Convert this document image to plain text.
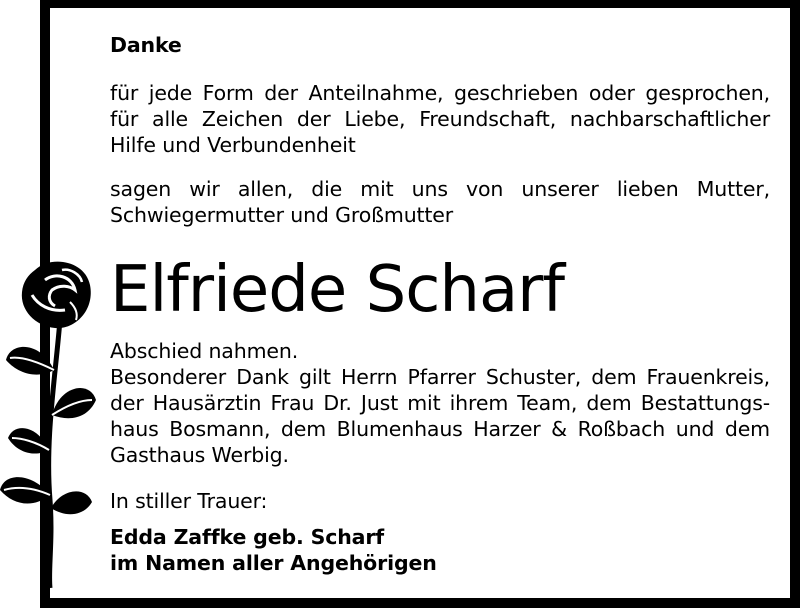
Danke
für jede Form der Anteilnahme, geschrieben oder gesprochen,
für alle Zeichen der Liebe, Freundschaft, nachbarschaftlicher
Hilfe und Verbundenheit
sagen wir allen, die mit uns von unserer lieben Mutter,
Schwiegermutter und Großmutter
Elfriede Scharf
Abschied nahmen.
Besonderer Dank gilt Herrn Pfarrer Schuster, dem Frauenkreis,
der Hausärztin Frau Dr. Just mit ihrem Team, dem Bestattungs-
haus Bosmann, dem Blumenhaus Harzer & Roßbach und dem
Gasthaus Werbig.
In stiller Trauer:
Edda Zaffke geb. Scharf
im Namen aller Angehörigen
